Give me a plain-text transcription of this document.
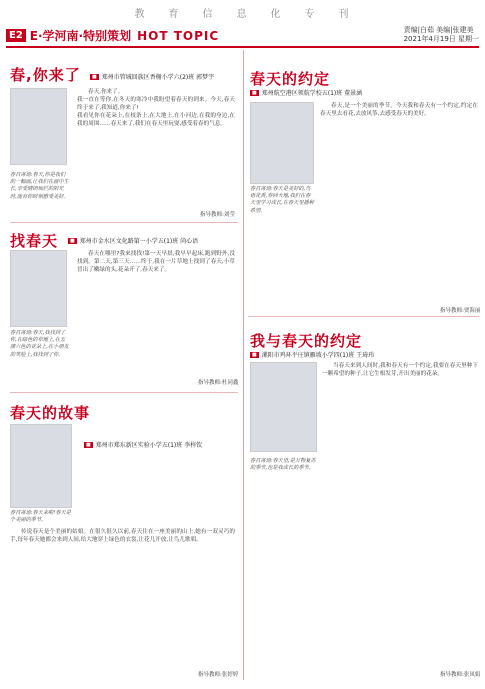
教 育 信 息 化 专 刊
E2 E·学河南·特别策划 HOT TOPIC	责编|白茹 美编|张建美
2021年4月19日 星期一
春,你来了	■ 郑州市管城回族区香榭小学六(2)班 郭梦宇
春日寄语:春天,你是我们的一幅画,让我们在画中生长,享受晴朗灿烂的阳光时,能有你时刻感受美好。
春天,你来了。
我一直在等你,在冬天的寒冷中我盼望着春天的到来。今天,春天终于来了,我知道,你来了!
我看见你在花朵上,在枝条上,在大地上,在小河边,在我的身边,在我的周围……春天来了,我们在春天里玩耍,感受着春的气息。
指导教师:刘莹
找春天	■ 郑州市金水区文化路第一小学五(1)班 尚心语
春日寄语:春天,我找到了你,在绿色的草地上,在五颜六色的花朵上,在小朋友的笑脸上,我找到了你。
春天在哪里?我来找找!第一天早晨,我早早起床,跑到野外,没找到。第二天,第三天……终于,我在一片草地上找到了春天,小草冒出了嫩绿的头,花朵开了,春天来了。
指导教师:杜同鑫
春天的故事
■ 郑州市郑东新区实验小学五(1)班 李梓钦
春日寄语:春天来啦!春天是个美丽的季节。
传说春天是个美丽的姑娘。在很久很久以前,春天住在一座美丽的山上,她有一双灵巧的手,每年春天她都会来到人间,给大地穿上绿色的衣裳,让花儿开放,让鸟儿歌唱。
指导教师:张婷婷
春天的约定
■ 郑州航空港区领航学校五(1)班 董景涵
春日寄语:春天是美好的,鸟语花香,春回大地,我们在春天里学习成长,在春天里播种希望。
春天,是一个美丽的季节。今天我和春天有一个约定,约定在春天里去看花,去放风筝,去感受春天的美好。
指导教师:贾海丽
我与春天的约定
■ 漯阳市鸡环平庄镇雁坡小学四(1)班 王琦玮
春日寄语:春天里,是万物复苏的季节,也是我成长的季节。
当春天来到人间时,我和春天有一个约定,我要在春天里种下一颗希望的种子,让它生根发芽,开出美丽的花朵。
指导教师:张凤娟
